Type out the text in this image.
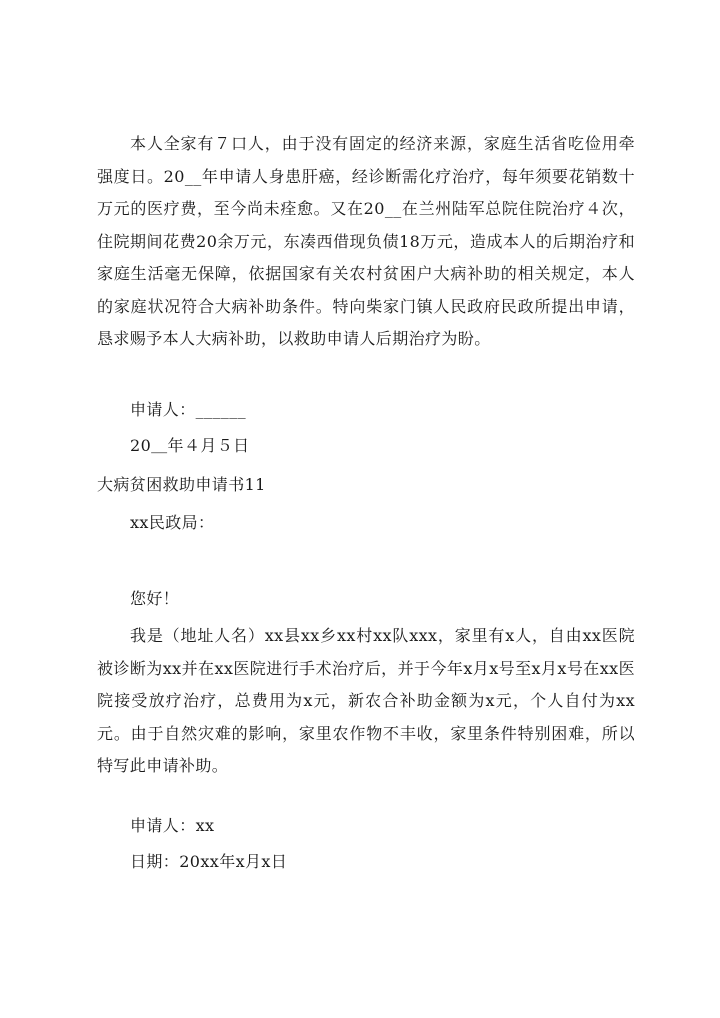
本人全家有７口人，由于没有固定的经济来源，家庭生活省吃俭用牵强度日。20__年申请人身患肝癌，经诊断需化疗治疗，每年须要花销数十万元的医疗费，至今尚未痊愈。又在20__在兰州陆军总院住院治疗４次，住院期间花费20余万元，东凑西借现负债18万元，造成本人的后期治疗和家庭生活毫无保障，依据国家有关农村贫困户大病补助的相关规定，本人的家庭状况符合大病补助条件。特向柴家门镇人民政府民政所提出申请，恳求赐予本人大病补助，以救助申请人后期治疗为盼。

申请人：______

20＿年４月５日

大病贫困救助申请书11

xx民政局：

您好！

我是（地址人名）xx县xx乡xx村xx队xxx，家里有x人，自由xx医院被诊断为xx并在xx医院进行手术治疗后，并于今年x月x号至x月x号在xx医院接受放疗治疗，总费用为x元，新农合补助金额为x元，个人自付为xx元。由于自然灾难的影响，家里农作物不丰收，家里条件特别困难，所以特写此申请补助。

申请人：xx

日期：20xx年x月x日
